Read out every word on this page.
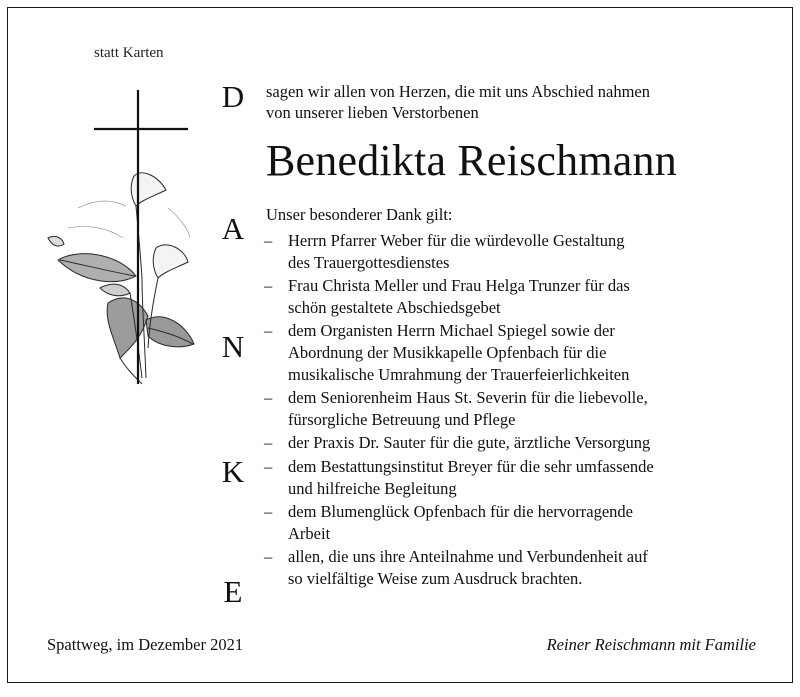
statt Karten
D
A
N
K
E
sagen wir allen von Herzen, die mit uns Abschied nahmen
von unserer lieben Verstorbenen
Benedikta Reischmann
Unser besonderer Dank gilt:
– Herrn Pfarrer Weber für die würdevolle Gestaltung
des Trauergottesdienstes
– Frau Christa Meller und Frau Helga Trunzer für das
schön gestaltete Abschiedsgebet
– dem Organisten Herrn Michael Spiegel sowie der
Abordnung der Musikkapelle Opfenbach für die
musikalische Umrahmung der Trauerfeierlichkeiten
– dem Seniorenheim Haus St. Severin für die liebevolle,
fürsorgliche Betreuung und Pflege
– der Praxis Dr. Sauter für die gute, ärztliche Versorgung
– dem Bestattungsinstitut Breyer für die sehr umfassende
und hilfreiche Begleitung
– dem Blumenglück Opfenbach für die hervorragende
Arbeit
– allen, die uns ihre Anteilnahme und Verbundenheit auf
so vielfältige Weise zum Ausdruck brachten.
Spattweg, im Dezember 2021	Reiner Reischmann mit Familie
